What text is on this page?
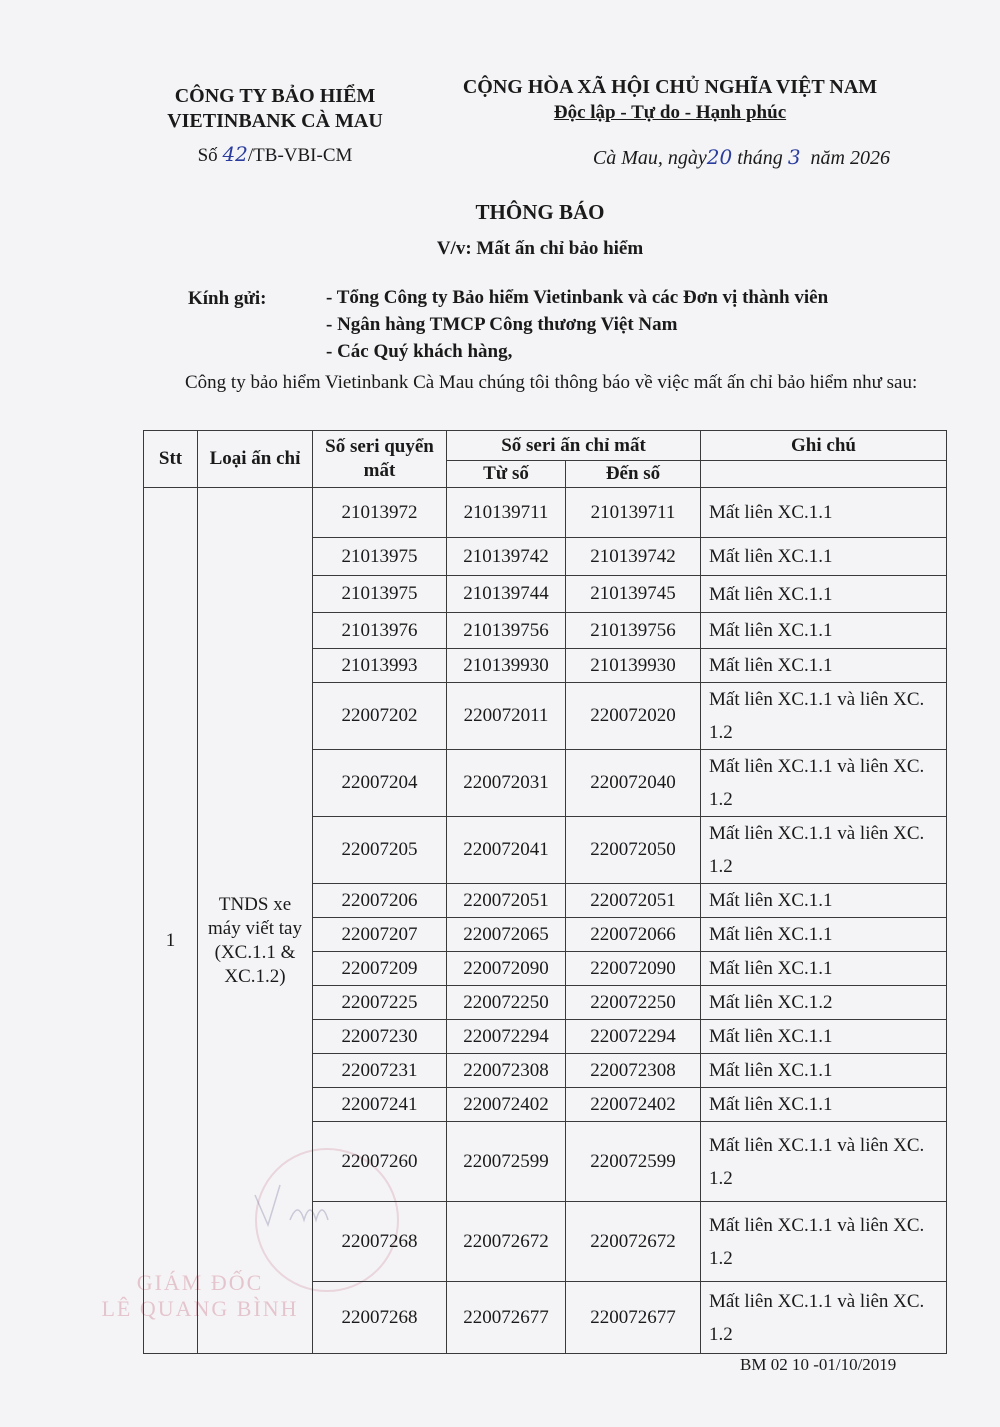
CÔNG TY BẢO HIỂM
VIETINBANK CÀ MAU
Số 42/TB-VBI-CM
CỘNG HÒA XÃ HỘI CHỦ NGHĨA VIỆT NAM
Độc lập - Tự do - Hạnh phúc
Cà Mau, ngày20 tháng 3  năm 2026
THÔNG BÁO
V/v: Mất ấn chỉ bảo hiểm
Kính gửi:	- Tổng Công ty Bảo hiểm Vietinbank và các Đơn vị thành viên
- Ngân hàng TMCP Công thương Việt Nam
- Các Quý khách hàng,
Công ty bảo hiểm Vietinbank Cà Mau chúng tôi thông báo về việc mất ấn chỉ bảo hiểm như sau:
GIÁM ĐỐC
LÊ QUANG BÌNH
Stt	Loại ấn chỉ	Số seri quyển mất	Số seri ấn chỉ mất		Ghi chú
			Từ số	Đến số	
1	TNDS xe máy viết tay (XC.1.1 & XC.1.2)	21013972	210139711	210139711	Mất liên XC.1.1
		21013975	210139742	210139742	Mất liên XC.1.1
		21013975	210139744	210139745	Mất liên XC.1.1
		21013976	210139756	210139756	Mất liên XC.1.1
		21013993	210139930	210139930	Mất liên XC.1.1
		22007202	220072011	220072020	Mất liên XC.1.1 và liên XC. 1.2
		22007204	220072031	220072040	Mất liên XC.1.1 và liên XC. 1.2
		22007205	220072041	220072050	Mất liên XC.1.1 và liên XC. 1.2
		22007206	220072051	220072051	Mất liên XC.1.1
		22007207	220072065	220072066	Mất liên XC.1.1
		22007209	220072090	220072090	Mất liên XC.1.1
		22007225	220072250	220072250	Mất liên XC.1.2
		22007230	220072294	220072294	Mất liên XC.1.1
		22007231	220072308	220072308	Mất liên XC.1.1
		22007241	220072402	220072402	Mất liên XC.1.1
		22007260	220072599	220072599	Mất liên XC.1.1 và liên XC. 1.2
		22007268	220072672	220072672	Mất liên XC.1.1 và liên XC. 1.2
		22007268	220072677	220072677	Mất liên XC.1.1 và liên XC. 1.2
BM 02 10 -01/10/2019
